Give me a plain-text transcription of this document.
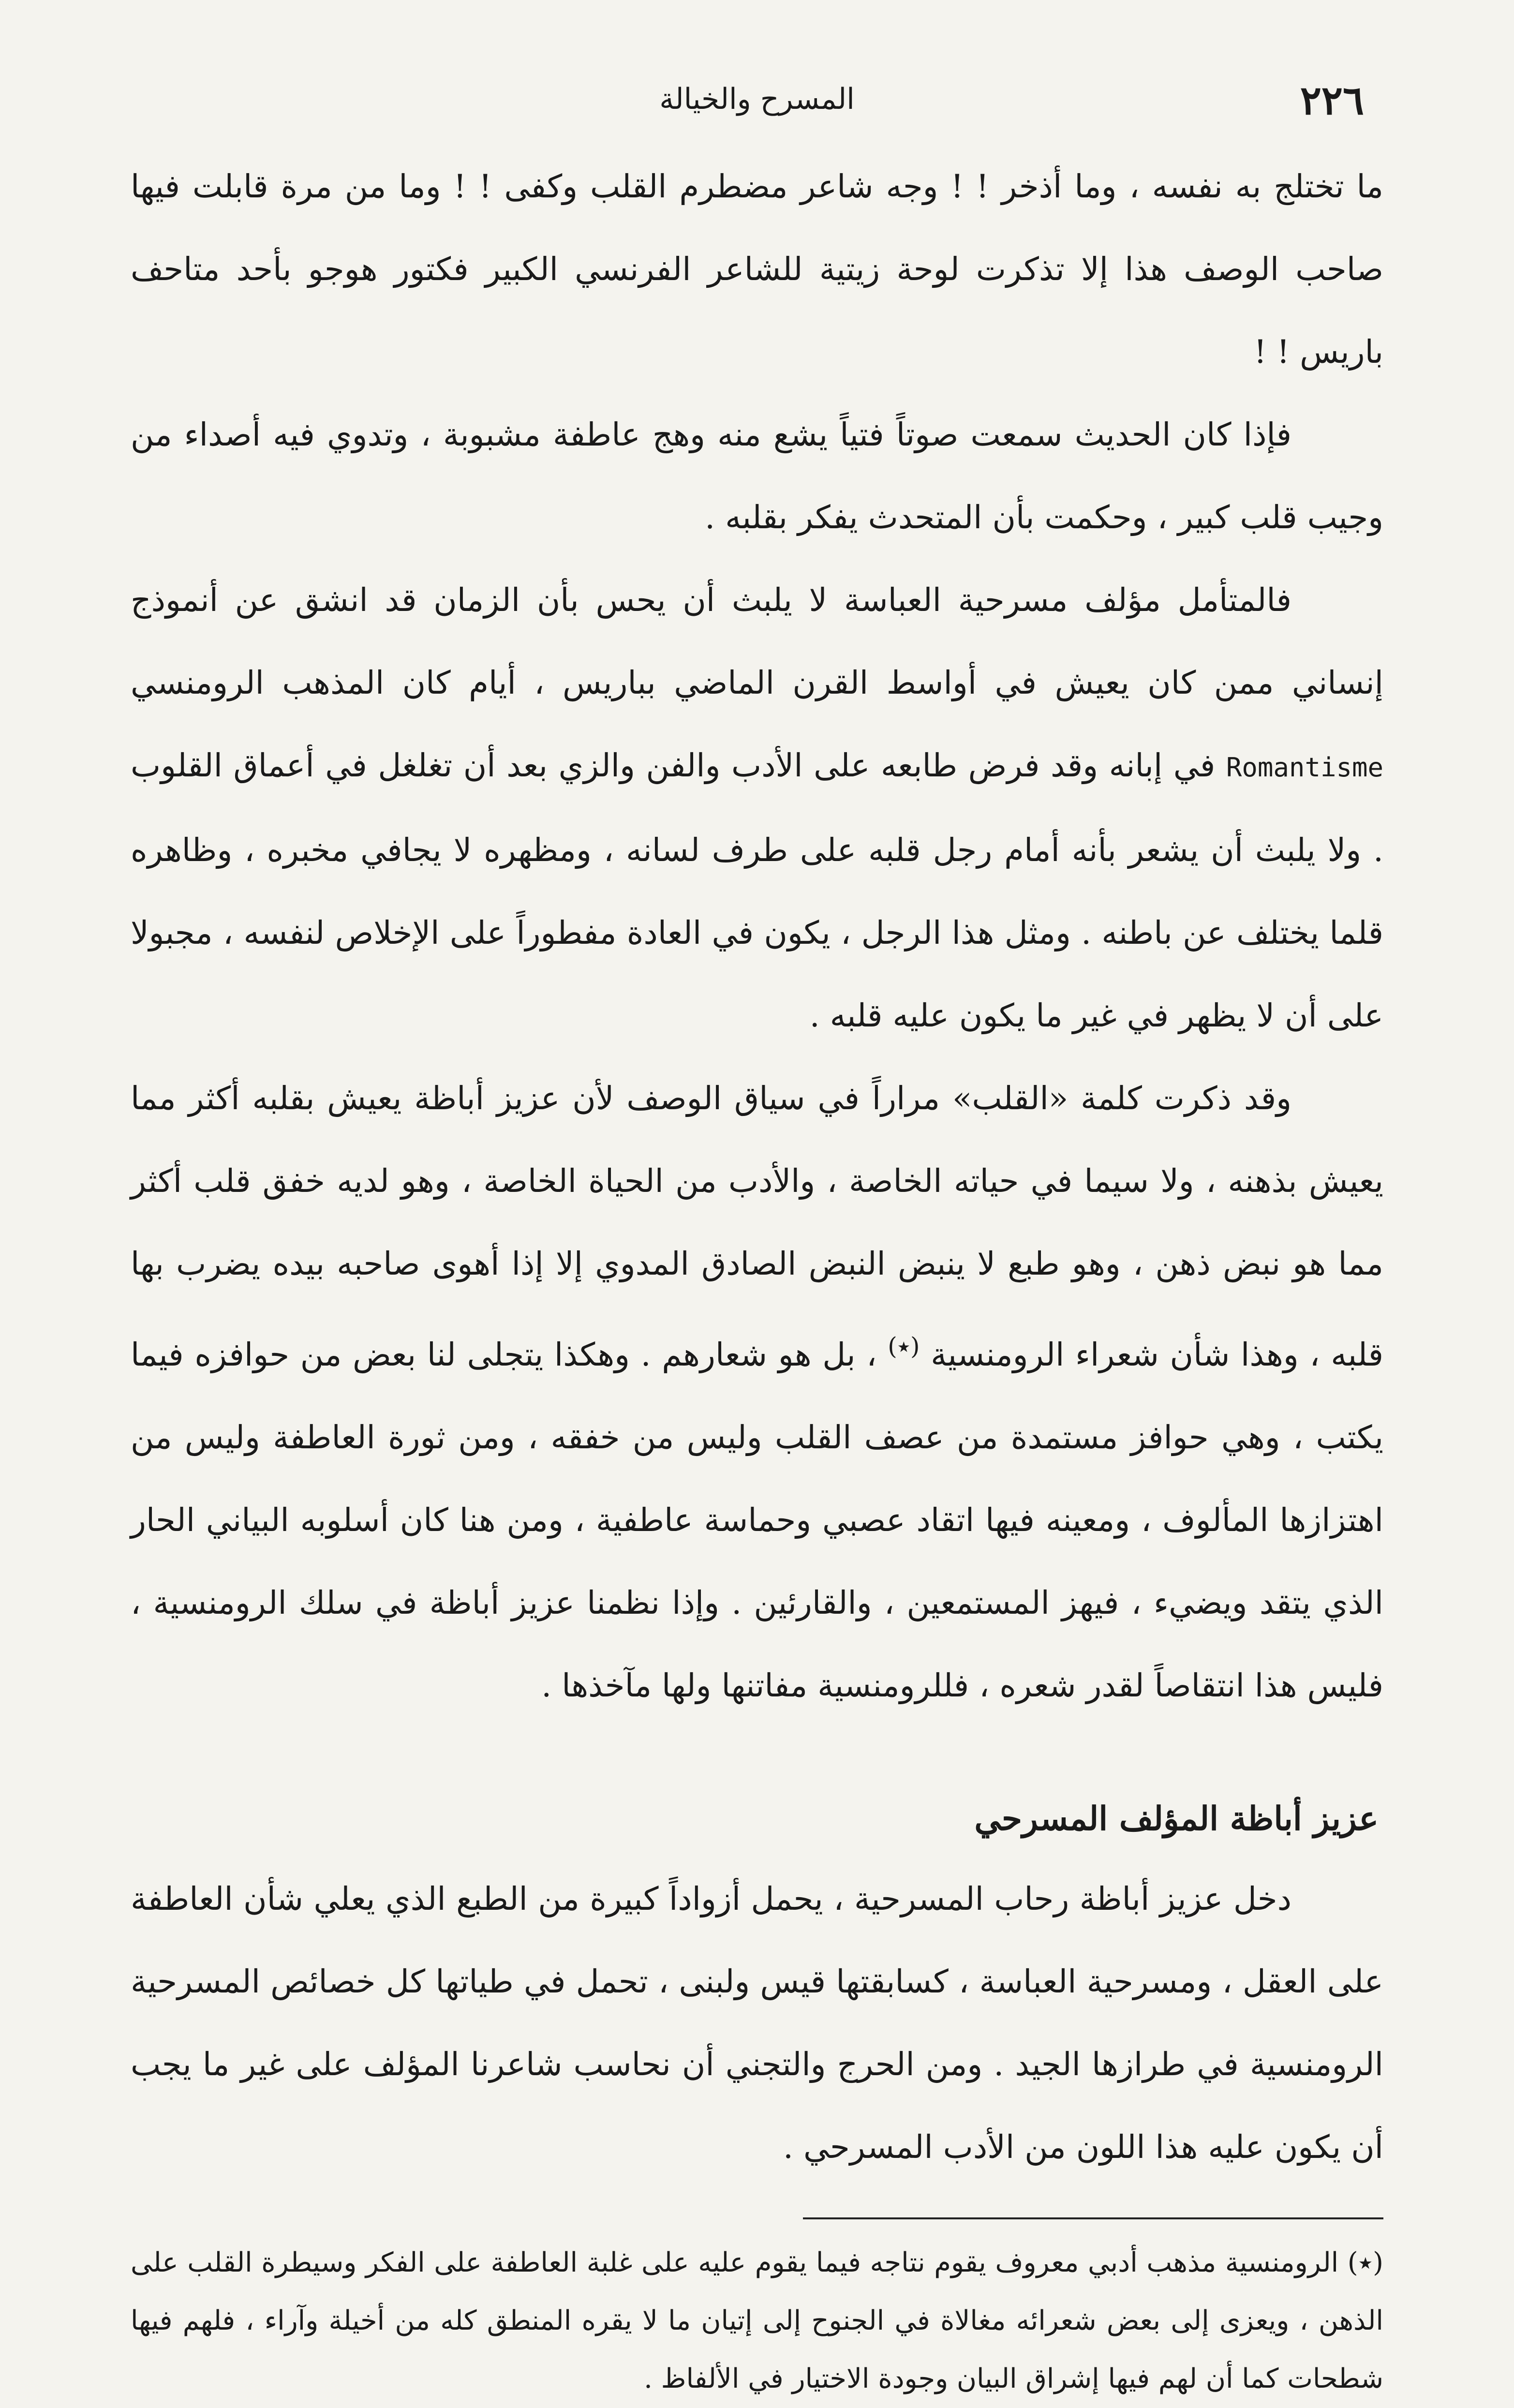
٢٢٦
المسرح والخيالة

ما تختلج به نفسه ، وما أذخر ! ! وجه شاعر مضطرم القلب وكفى ! ! وما من مرة قابلت فيها صاحب الوصف هذا إلا تذكرت لوحة زيتية للشاعر الفرنسي الكبير فكتور هوجو بأحد متاحف باريس ! !

فإذا كان الحديث سمعت صوتاً فتياً يشع منه وهج عاطفة مشبوبة ، وتدوي فيه أصداء من وجيب قلب كبير ، وحكمت بأن المتحدث يفكر بقلبه .

فالمتأمل مؤلف مسرحية العباسة لا يلبث أن يحس بأن الزمان قد انشق عن أنموذج إنساني ممن كان يعيش في أواسط القرن الماضي بباريس ، أيام كان المذهب الرومنسي Romantisme في إبانه وقد فرض طابعه على الأدب والفن والزي بعد أن تغلغل في أعماق القلوب . ولا يلبث أن يشعر بأنه أمام رجل قلبه على طرف لسانه ، ومظهره لا يجافي مخبره ، وظاهره قلما يختلف عن باطنه . ومثل هذا الرجل ، يكون في العادة مفطوراً على الإخلاص لنفسه ، مجبولا على أن لا يظهر في غير ما يكون عليه قلبه .

وقد ذكرت كلمة «القلب» مراراً في سياق الوصف لأن عزيز أباظة يعيش بقلبه أكثر مما يعيش بذهنه ، ولا سيما في حياته الخاصة ، والأدب من الحياة الخاصة ، وهو لديه خفق قلب أكثر مما هو نبض ذهن ، وهو طبع لا ينبض النبض الصادق المدوي إلا إذا أهوى صاحبه بيده يضرب بها قلبه ، وهذا شأن شعراء الرومنسية (٭) ، بل هو شعارهم . وهكذا يتجلى لنا بعض من حوافزه فيما يكتب ، وهي حوافز مستمدة من عصف القلب وليس من خفقه ، ومن ثورة العاطفة وليس من اهتزازها المألوف ، ومعينه فيها اتقاد عصبي وحماسة عاطفية ، ومن هنا كان أسلوبه البياني الحار الذي يتقد ويضيء ، فيهز المستمعين ، والقارئين . وإذا نظمنا عزيز أباظة في سلك الرومنسية ، فليس هذا انتقاصاً لقدر شعره ، فللرومنسية مفاتنها ولها مآخذها .

عزيز أباظة المؤلف المسرحي

دخل عزيز أباظة رحاب المسرحية ، يحمل أزواداً كبيرة من الطبع الذي يعلي شأن العاطفة على العقل ، ومسرحية العباسة ، كسابقتها قيس ولبنى ، تحمل في طياتها كل خصائص المسرحية الرومنسية في طرازها الجيد . ومن الحرج والتجني أن نحاسب شاعرنا المؤلف على غير ما يجب أن يكون عليه هذا اللون من الأدب المسرحي .

(٭) الرومنسية مذهب أدبي معروف يقوم نتاجه فيما يقوم عليه على غلبة العاطفة على الفكر وسيطرة القلب على الذهن ، ويعزى إلى بعض شعرائه مغالاة في الجنوح إلى إتيان ما لا يقره المنطق كله من أخيلة وآراء ، فلهم فيها شطحات كما أن لهم فيها إشراق البيان وجودة الاختيار في الألفاظ .
